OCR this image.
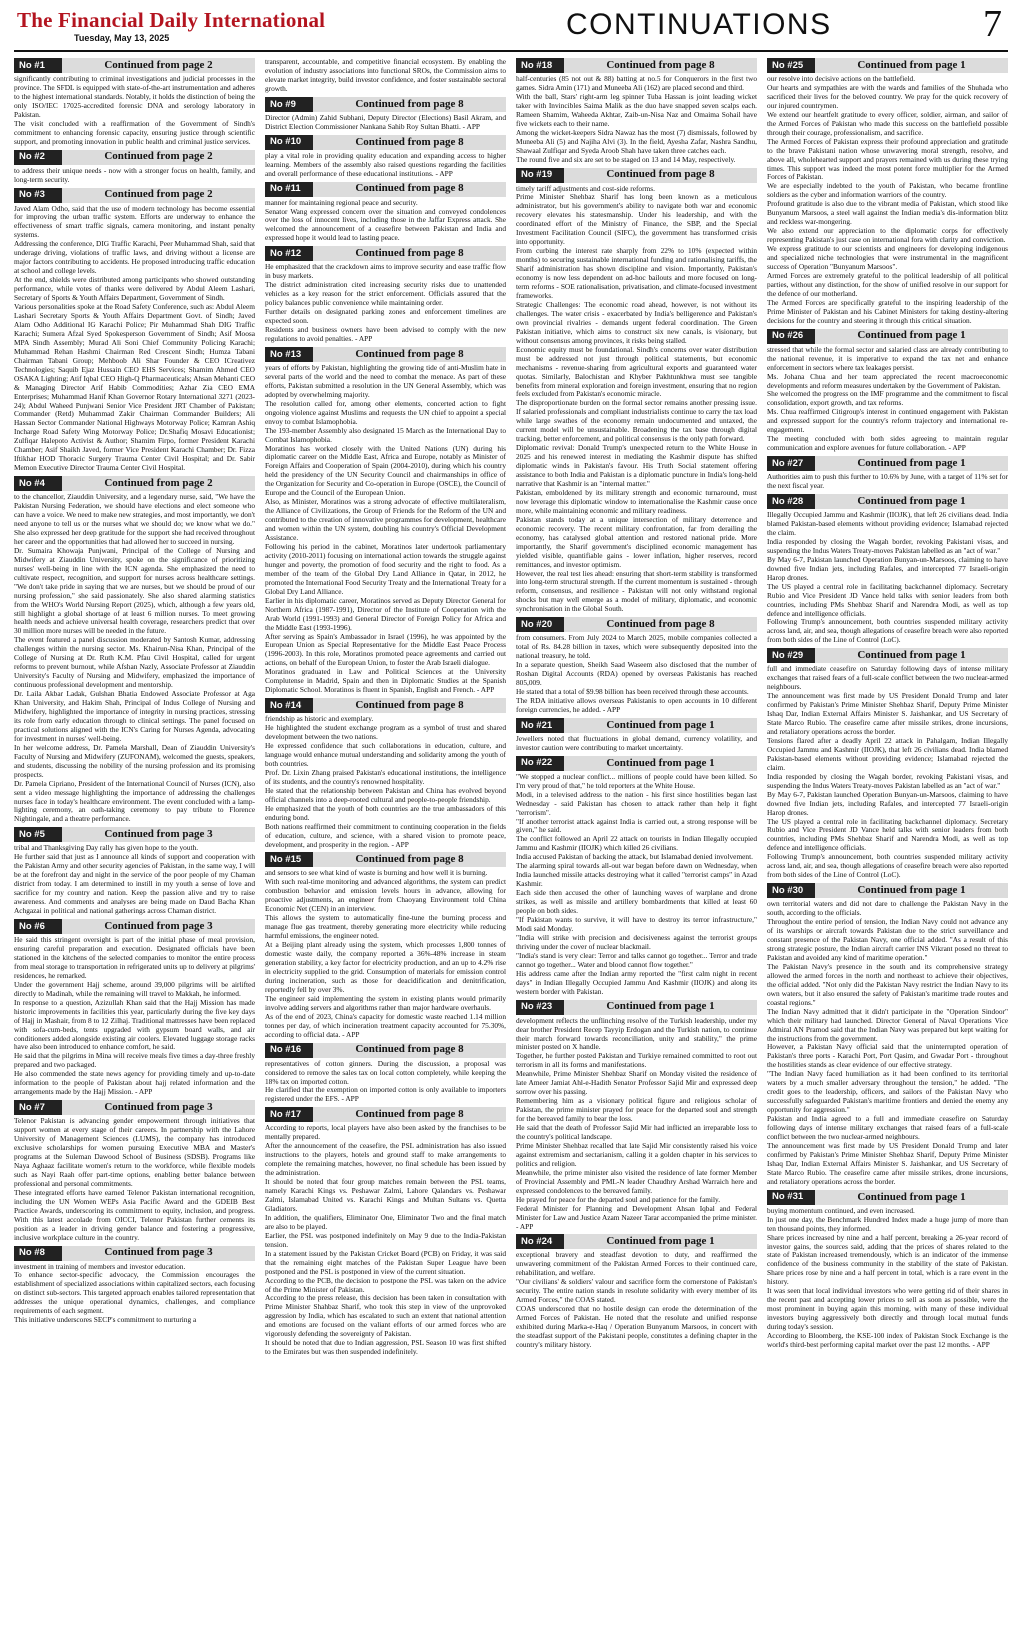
The Financial Daily International
Tuesday, May 13, 2025	CONTINUATIONS	7
No #1	Continued from page 2

significantly contributing to criminal investigations and judicial processes in the province. The SFDL is equipped with state-of-the-art instrumentation and adheres to the highest international standards. Notably, it holds the distinction of being the only ISO/IEC 17025-accredited forensic DNA and serology laboratory in Pakistan.
The visit concluded with a reaffirmation of the Government of Sindh's commitment to enhancing forensic capacity, ensuring justice through scientific support, and promoting innovation in public health and criminal justice services.

No #2	Continued from page 2

to address their unique needs - now with a stronger focus on health, family, and long-term security.

No #3	Continued from page 2

Javed Alam Odho, said that the use of modern technology has become essential for improving the urban traffic system. Efforts are underway to enhance the effectiveness of smart traffic signals, camera monitoring, and instant penalty systems.
Addressing the conference, DIG Traffic Karachi, Peer Muhammad Shah, said that underage driving, violations of traffic laws, and driving without a license are major factors contributing to accidents. He proposed introducing traffic education at school and college levels.
At the end, shields were distributed among participants who showed outstanding performance, while votes of thanks were delivered by Abdul Aleem Lashari, Secretary of Sports & Youth Affairs Department, Government of Sindh.
Various personalities spoke at the Road Safety Conference, such as: Abdul Aleem Lashari Secretary Sports & Youth Affairs Department Govt. of Sindh; Javed Alam Odho Additional IG Karachi Police; Pir Muhammad Shah DIG Traffic Karachi; Sumera Afzal Syed Spokesperson Government of Sindh; Asif Moosa MPA Sindh Assembly; Murad Ali Soni Chief Community Policing Karachi; Muhammad Rehan Hashmi Chairman Red Crescent Sindh; Humza Tabani Chairman Tabani Group; Mehboob Ali Shar Founder & CEO ICreativez Technologies; Saquib Ejaz Hussain CEO EHS Services; Shamim Ahmed CEO OSAKA Lighting; Atif Iqbal CEO High-Q Pharmaceuticals; Ahsan Mehanti CEO & Managing Director Arif Habib Commodities; Azhar Zia CEO EMA Enterprises; Muhammad Hanif Khan Governor Rotary International 3271 (2023-24); Abdul Waheed Punjwani Senior Vice President JRT Chamber of Pakistan; Commander (Retd) Muhammad Zakir Chairman Commander Builders; Ali Hassan Sector Commander National Highways Motorway Police; Kamran Ashiq Incharge Road Safety Wing Motorway Police; Dr.Shafiq Mosavi Educationist; Zulfiqar Halepoto Activist & Author; Shamim Firpo, former President Karachi Chamber; Asif Shaikh Javed, former Vice President Karachi Chamber; Dr. Fizza Iftikhar HOD Thoracic Surgery Trauma Center Civil Hospital; and Dr. Sabir Memon Executive Director Trauma Center Civil Hospital.

No #4	Continued from page 2

to the chancellor, Ziauddin University, and a legendary nurse, said, "We have the Pakistan Nursing Federation, we should have elections and elect someone who can have a voice. We need to make new strategies, and most importantly, we don't need anyone to tell us or the nurses what we should do; we know what we do." She also expressed her deep gratitude for the support she had received throughout her career and the opportunities that had allowed her to succeed in nursing.
Dr. Sumaira Khowaja Punjwani, Principal of the College of Nursing and Midwifery at Ziauddin University, spoke on the significance of prioritizing nurses' well-being in line with the ICN agenda. She emphasized the need to cultivate respect, recognition, and support for nurses across healthcare settings. "We don't take pride in saying that we are nurses, but we should be proud of our nursing profession," she said passionately. She also shared alarming statistics from the WHO's World Nursing Report (2025), which, although a few years old, still highlight a global shortage of at least 6 million nurses. To meet growing health needs and achieve universal health coverage, researchers predict that over 30 million more nurses will be needed in the future.
The event featured a panel discussion moderated by Santosh Kumar, addressing challenges within the nursing sector. Ms. Khairun-Nisa Khan, Principal of the College of Nursing at Dr. Ruth K.M. Pfau Civil Hospital, called for urgent reforms to prevent burnout, while Afshan Nazly, Associate Professor at Ziauddin University's Faculty of Nursing and Midwifery, emphasized the importance of continuous professional development and mentorship.
Dr. Laila Akbar Ladak, Gulshan Bhatia Endowed Associate Professor at Aga Khan University, and Hakim Shah, Principal of Indus College of Nursing and Midwifery, highlighted the importance of integrity in nursing practices, stressing its role from early education through to clinical settings. The panel focused on practical solutions aligned with the ICN's Caring for Nurses Agenda, advocating for investment in nurses' well-being.
In her welcome address, Dr. Pamela Marshall, Dean of Ziauddin University's Faculty of Nursing and Midwifery (ZUFONAM), welcomed the guests, speakers, and students, discussing the nobility of the nursing profession and its promising prospects.
Dr. Pamela Cipriano, President of the International Council of Nurses (ICN), also sent a video message highlighting the importance of addressing the challenges nurses face in today's healthcare environment. The event concluded with a lamp-lighting ceremony, an oath-taking ceremony to pay tribute to Florence Nightingale, and a theatre performance.

No #5	Continued from page 3

tribal and Thanksgiving Day rally has given hope to the youth.
He further said that just as I announce all kinds of support and cooperation with the Pakistan Army and other security agencies of Pakistan, in the same way, I will be at the forefront day and night in the service of the poor people of my Chaman district from today. I am determined to instill in my youth a sense of love and sacrifice for my country and nation. Keep the passion alive and try to raise awareness. And comments and analyses are being made on Daud Bacha Khan Achgazai in political and national gatherings across Chaman district.

No #6	Continued from page 3

He said this stringent oversight is part of the initial phase of meal provision, ensuring careful preparation and execution. Designated officials have been stationed in the kitchens of the selected companies to monitor the entire process from meal storage to transportation in refrigerated units up to delivery at pilgrims' residences, he remarked.
Under the government Hajj scheme, around 39,000 pilgrims will be airlifted directly to Madinah, while the remaining will travel to Makkah, he informed.
In response to a question, Azizullah Khan said that the Hajj Mission has made historic improvements in facilities this year, particularly during the five key days of Hajj in Mashair, from 8 to 12 Zilhaj. Traditional mattresses have been replaced with sofa-cum-beds, tents upgraded with gypsum board walls, and air conditioners added alongside existing air coolers. Elevated luggage storage racks have also been introduced to enhance comfort, he said.
He said that the pilgrims in Mina will receive meals five times a day-three freshly prepared and two packaged.
He also commended the state news agency for providing timely and up-to-date information to the people of Pakistan about hajj related information and the arrangements made by the Hajj Mission. - APP

No #7	Continued from page 3

Telenor Pakistan is advancing gender empowerment through initiatives that support women at every stage of their careers. In partnership with the Lahore University of Management Sciences (LUMS), the company has introduced exclusive scholarships for women pursuing Executive MBA and Master's programs at the Suleman Dawood School of Business (SDSB). Programs like Naya Aghaaz facilitate women's return to the workforce, while flexible models such as Nayi Raah offer part-time options, enabling better balance between professional and personal commitments.
These integrated efforts have earned Telenor Pakistan international recognition, including the UN Women WEPs Asia Pacific Award and the GDEIB Best Practice Awards, underscoring its commitment to equity, inclusion, and progress. With this latest accolade from OICCI, Telenor Pakistan further cements its position as a leader in driving gender balance and fostering a progressive, inclusive workplace culture in the country.

No #8	Continued from page 3

investment in training of members and investor education.
To enhance sector-specific advocacy, the Commission encourages the establishment of specialized associations within capitalized sectors, each focusing on distinct sub-sectors. This targeted approach enables tailored representation that addresses the unique operational dynamics, challenges, and compliance requirements of each segment.
This initiative underscores SECP's commitment to nurturing a

transparent, accountable, and competitive financial ecosystem. By enabling the evolution of industry associations into functional SROs, the Commission aims to elevate market integrity, build investor confidence, and foster sustainable sectoral growth.

No #9	Continued from page 8

Director (Admin) Zahid Subhani, Deputy Director (Elections) Basil Akram, and District Election Commissioner Nankana Sahib Roy Sultan Bhatti. - APP

No #10	Continued from page 8

play a vital role in providing quality education and expanding access to higher learning. Members of the assembly also raised questions regarding the facilities and overall performance of these educational institutions. - APP

No #11	Continued from page 8

manner for maintaining regional peace and security.
Senator Wang expressed concern over the situation and conveyed condolences over the loss of innocent lives, including those in the Jaffar Express attack. She welcomed the announcement of a ceasefire between Pakistan and India and expressed hope it would lead to lasting peace.

No #12	Continued from page 8

He emphasized that the crackdown aims to improve security and ease traffic flow in busy markets.
The district administration cited increasing security risks due to unattended vehicles as a key reason for the strict enforcement. Officials assured that the policy balances public convenience while maintaining order.
Further details on designated parking zones and enforcement timelines are expected soon.
Residents and business owners have been advised to comply with the new regulations to avoid penalties. - APP

No #13	Continued from page 8

years of efforts by Pakistan, highlighting the growing tide of anti-Muslim hate in several parts of the world and the need to combat the menace. As part of these efforts, Pakistan submitted a resolution in the UN General Assembly, which was adopted by overwhelming majority.
The resolution called for, among other elements, concerted action to fight ongoing violence against Muslims and requests the UN chief to appoint a special envoy to combat Islamophobia.
The 193-member Assembly also designated 15 March as the International Day to Combat Islamophobia.
Moratinos has worked closely with the United Nations (UN) during his diplomatic career on the Middle East, Africa and Europe, notably as Minister of Foreign Affairs and Cooperation of Spain (2004-2010), during which his country held the presidency of the UN Security Council and chairmanships in office of the Organization for Security and Co-operation in Europe (OSCE), the Council of Europe and the Council of the European Union.
Also, as Minister, Moratinos was a strong advocate of effective multilateralism, the Alliance of Civilizations, the Group of Friends for the Reform of the UN and contributed to the creation of innovative programmes for development, healthcare and women within the UN system, doubling his country's Official Development Assistance.
Following his period in the cabinet, Moratinos later undertook parliamentary activity (2010-2011) focusing on international action towards the struggle against hunger and poverty, the promotion of food security and the right to food. As a member of the team of the Global Dry Land Alliance in Qatar, in 2012, he promoted the International Food Security Treaty and the International Treaty for a Global Dry Land Alliance.
Earlier in his diplomatic career, Moratinos served as Deputy Director General for Northern Africa (1987-1991), Director of the Institute of Cooperation with the Arab World (1991-1993) and General Director of Foreign Policy for Africa and the Middle East (1993-1996).
After serving as Spain's Ambassador in Israel (1996), he was appointed by the European Union as Special Representative for the Middle East Peace Process (1996-2003). In this role, Moratinos promoted peace agreements and carried out actions, on behalf of the European Union, to foster the Arab Israeli dialogue.
Moratinos graduated in Law and Political Sciences at the University Complutense in Madrid, Spain and then in Diplomatic Studies at the Spanish Diplomatic School. Moratinos is fluent in Spanish, English and French. - APP

No #14	Continued from page 8

friendship as historic and exemplary.
He highlighted the student exchange program as a symbol of trust and shared development between the two nations.
He expressed confidence that such collaborations in education, culture, and language would enhance mutual understanding and solidarity among the youth of both countries.
Prof. Dr. Lixin Zhang praised Pakistan's educational institutions, the intelligence of its students, and the country's renowned hospitality.
He stated that the relationship between Pakistan and China has evolved beyond official channels into a deep-rooted cultural and people-to-people friendship.
He emphasized that the youth of both countries are the true ambassadors of this enduring bond.
Both nations reaffirmed their commitment to continuing cooperation in the fields of education, culture, and science, with a shared vision to promote peace, development, and prosperity in the region. - APP

No #15	Continued from page 8

and sensors to see what kind of waste is burning and how well it is burning.
With such real-time monitoring and advanced algorithms, the system can predict combustion behavior and emission levels hours in advance, allowing for proactive adjustments, an engineer from Chaoyang Environment told China Economic Net (CEN) in an interview.
This allows the system to automatically fine-tune the burning process and manage flue gas treatment, thereby generating more electricity while reducing harmful emissions, the engineer noted.
At a Beijing plant already using the system, which processes 1,800 tonnes of domestic waste daily, the company reported a 36%-48% increase in steam generation stability, a key factor for electricity production, and an up to 4.2% rise in electricity supplied to the grid. Consumption of materials for emission control during incineration, such as those for deacidification and denitrification, reportedly fell by over 3%.
The engineer said implementing the system in existing plants would primarily involve adding servers and algorithms rather than major hardware overhauls.
As of the end of 2023, China's capacity for domestic waste reached 1.14 million tonnes per day, of which incineration treatment capacity accounted for 75.30%, according to official data. - APP

No #16	Continued from page 8

representatives of cotton ginners. During the discussion, a proposal was considered to remove the sales tax on local cotton completely, while keeping the 18% tax on imported cotton.
He clarified that the exemption on imported cotton is only available to importers registered under the EFS. - APP

No #17	Continued from page 8

According to reports, local players have also been asked by the franchises to be mentally prepared.
After the announcement of the ceasefire, the PSL administration has also issued instructions to the players, hotels and ground staff to make arrangements to complete the remaining matches, however, no final schedule has been issued by the administration.
It should be noted that four group matches remain between the PSL teams, namely Karachi Kings vs. Peshawar Zalmi, Lahore Qalandars vs. Peshawar Zalmi, Islamabad United vs. Karachi Kings and Multan Sultans vs. Quetta Gladiators.
In addition, the qualifiers, Eliminator One, Eliminator Two and the final match are also to be played.
Earlier, the PSL was postponed indefinitely on May 9 due to the India-Pakistan tension.
In a statement issued by the Pakistan Cricket Board (PCB) on Friday, it was said that the remaining eight matches of the Pakistan Super League have been postponed and the PSL is postponed in view of the current situation.
According to the PCB, the decision to postpone the PSL was taken on the advice of the Prime Minister of Pakistan.
According to the press release, this decision has been taken in consultation with Prime Minister Shahbaz Sharif, who took this step in view of the unprovoked aggression by India, which has escalated to such an extent that national attention and emotions are focused on the valiant efforts of our armed forces who are vigorously defending the sovereignty of Pakistan.
It should be noted that due to Indian aggression, PSL Season 10 was first shifted to the Emirates but was then suspended indefinitely.

No #18	Continued from page 8

half-centuries (85 not out & 88) batting at no.5 for Conquerors in the first two games. Sidra Amin (171) and Muneeba Ali (162) are placed second and third.
With the ball, Stars' right-arm leg spinner Tuba Hassan is joint leading wicket taker with Invincibles Saima Malik as the duo have snapped seven scalps each. Rameen Shamim, Waheeda Akhtar, Zaib-un-Nisa Naz and Omaima Sohail have five wickets each to their name.
Among the wicket-keepers Sidra Nawaz has the most (7) dismissals, followed by Muneeba Ali (5) and Najiha Alvi (3). In the field, Ayesha Zafar, Nashra Sandhu, Shawaal Zulfiqar and Syeda Aroob Shah have taken three catches each.
The round five and six are set to be staged on 13 and 14 May, respectively.

No #19	Continued from page 8

timely tariff adjustments and cost-side reforms.
Prime Minister Shehbaz Sharif has long been known as a meticulous administrator, but his government's ability to navigate both war and economic recovery elevates his statesmanship. Under his leadership, and with the coordinated effort of the Ministry of Finance, the SBP, and the Special Investment Facilitation Council (SIFC), the government has transformed crisis into opportunity.
From curbing the interest rate sharply from 22% to 10% (expected within months) to securing sustainable international funding and rationalising tariffs, the Sharif administration has shown discipline and vision. Importantly, Pakistan's economy is now less dependent on ad-hoc bailouts and more focused on long-term reforms - SOE rationalisation, privatisation, and climate-focused investment frameworks.
Strategic Challenges: The economic road ahead, however, is not without its challenges. The water crisis - exacerbated by India's belligerence and Pakistan's own provincial rivalries - demands urgent federal coordination. The Green Pakistan initiative, which aims to construct six new canals, is visionary, but without consensus among provinces, it risks being stalled.
Economic equity must be foundational. Sindh's concerns over water distribution must be addressed not just through political statements, but economic mechanisms - revenue-sharing from agricultural exports and guaranteed water quotas. Similarly, Balochistan and Khyber Pakhtunkhwa must see tangible benefits from mineral exploration and foreign investment, ensuring that no region feels excluded from Pakistan's economic miracle.
The disproportionate burden on the formal sector remains another pressing issue. If salaried professionals and compliant industrialists continue to carry the tax load while large swathes of the economy remain undocumented and untaxed, the current model will be unsustainable. Broadening the tax base through digital tracking, better enforcement, and political consensus is the only path forward.
Diplomatic revival: Donald Trump's unexpected return to the White House in 2025 and his renewed interest in mediating the Kashmir dispute has shifted diplomatic winds in Pakistan's favour. His Truth Social statement offering assistance to both India and Pakistan is a diplomatic puncture in India's long-held narrative that Kashmir is an "internal matter."
Pakistan, emboldened by its military strength and economic turnaround, must now leverage this diplomatic window to internationalise the Kashmir cause once more, while maintaining economic and military readiness.
Pakistan stands today at a unique intersection of military deterrence and economic recovery. The recent military confrontation, far from derailing the economy, has catalysed global attention and restored national pride. More importantly, the Sharif government's disciplined economic management has yielded visible, quantifiable gains - lower inflation, higher reserves, record remittances, and investor optimism.
However, the real test lies ahead: ensuring that short-term stability is transformed into long-term structural strength. If the current momentum is sustained - through reform, consensus, and resilience - Pakistan will not only withstand regional shocks but may well emerge as a model of military, diplomatic, and economic synchronisation in the Global South.

No #20	Continued from page 8

from consumers. From July 2024 to March 2025, mobile companies collected a total of Rs. 84.28 billion in taxes, which were subsequently deposited into the national treasury, he told.
In a separate question, Sheikh Saad Waseem also disclosed that the number of Roshan Digital Accounts (RDA) opened by overseas Pakistanis has reached 805,009.
He stated that a total of $9.98 billion has been received through these accounts.
The RDA initiative allows overseas Pakistanis to open accounts in 10 different foreign currencies, he added. - APP

No #21	Continued from page 1

Jewellers noted that fluctuations in global demand, currency volatility, and investor caution were contributing to market uncertainty.

No #22	Continued from page 1

"We stopped a nuclear conflict... millions of people could have been killed. So I'm very proud of that," he told reporters at the White House.
Modi, in a televised address to the nation - his first since hostilities began last Wednesday - said Pakistan has chosen to attack rather than help it fight "terrorism".
"If another terrorist attack against India is carried out, a strong response will be given," he said.
The conflict followed an April 22 attack on tourists in Indian Illegally occupied Jammu and Kashmir (IIOJK) which killed 26 civilians.
India accused Pakistan of backing the attack, but Islamabad denied involvement.
The alarming spiral towards all-out war began before dawn on Wednesday, when India launched missile attacks destroying what it called "terrorist camps" in Azad Kashmir.
Each side then accused the other of launching waves of warplane and drone strikes, as well as missile and artillery bombardments that killed at least 60 people on both sides.
"If Pakistan wants to survive, it will have to destroy its terror infrastructure," Modi said Monday.
"India will strike with precision and decisiveness against the terrorist groups thriving under the cover of nuclear blackmail.
"India's stand is very clear: Terror and talks cannot go together... Terror and trade cannot go together... Water and blood cannot flow together."
His address came after the Indian army reported the "first calm night in recent days" in Indian Illegally Occupied Jammu And Kashmir (IIOJK) and along its western border with Pakistan.

No #23	Continued from page 1

development reflects the unflinching resolve of the Turkish leadership, under my dear brother President Recep Tayyip Erdogan and the Turkish nation, to continue their march forward towards reconciliation, unity and stability," the prime minister posted on X handle.
Together, he further posted Pakistan and Turkiye remained committed to root out terrorism in all its forms and manifestations.
Meanwhile, Prime Minister Shehbaz Sharif on Monday visited the residence of late Ameer Jamiat Ahl-e-Hadith Senator Professor Sajid Mir and expressed deep sorrow over his passing.
Remembering him as a visionary political figure and religious scholar of Pakistan, the prime minister prayed for peace for the departed soul and strength for the bereaved family to bear the loss.
He said that the death of Professor Sajid Mir had inflicted an irreparable loss to the country's political landscape.
Prime Minister Shehbaz recalled that late Sajid Mir consistently raised his voice against extremism and sectarianism, calling it a golden chapter in his services to politics and religion.
Meanwhile, the prime minister also visited the residence of late former Member of Provincial Assembly and PML-N leader Chaudhry Arshad Warraich here and expressed condolences to the bereaved family.
He prayed for peace for the departed soul and patience for the family.
Federal Minister for Planning and Development Ahsan Iqbal and Federal Minister for Law and Justice Azam Nazeer Tarar accompanied the prime minister. - APP

No #24	Continued from page 1

exceptional bravery and steadfast devotion to duty, and reaffirmed the unwavering commitment of the Pakistan Armed Forces to their continued care, rehabilitation, and welfare.
"Our civilians' & soldiers' valour and sacrifice form the cornerstone of Pakistan's security. The entire nation stands in resolute solidarity with every member of its Armed Forces," the COAS stated.
COAS underscored that no hostile design can erode the determination of the Armed Forces of Pakistan. He noted that the resolute and unified response exhibited during Marka-e-Haq / Operation Bunyanum Marsoos, in concert with the steadfast support of the Pakistani people, constitutes a defining chapter in the country's military history.

No #25	Continued from page 1

our resolve into decisive actions on the battlefield.
Our hearts and sympathies are with the wards and families of the Shuhada who sacrificed their lives for the beloved country. We pray for the quick recovery of our injured countrymen.
We extend our heartfelt gratitude to every officer, soldier, airman, and sailor of the Armed Forces of Pakistan who made this success on the battlefield possible through their courage, professionalism, and sacrifice.
The Armed Forces of Pakistan express their profound appreciation and gratitude to the brave Pakistani nation whose unwavering moral strength, resolve, and above all, wholehearted support and prayers remained with us during these trying times. This support was indeed the most potent force multiplier for the Armed Forces of Pakistan.
We are especially indebted to the youth of Pakistan, who became frontline soldiers as the cyber and information warriors of the country.
Profound gratitude is also due to the vibrant media of Pakistan, which stood like Bunyanum Marsoos, a steel wall against the Indian media's dis-information blitz and reckless war-mongering.
We also extend our appreciation to the diplomatic corps for effectively representing Pakistan's just case on international fora with clarity and conviction.
We express gratitude to our scientists and engineers for developing indigenous and specialized niche technologies that were instrumental in the magnificent success of Operation "Bunyanum Marsoos".
Armed Forces are extremely grateful to the political leadership of all political parties, without any distinction, for the show of unified resolve in our support for the defence of our motherland.
The Armed Forces are specifically grateful to the inspiring leadership of the Prime Minister of Pakistan and his Cabinet Ministers for taking destiny-altering decisions for the country and steering it through this critical situation.

No #26	Continued from page 1

stressed that while the formal sector and salaried class are already contributing to the national revenue, it is imperative to expand the tax net and enhance enforcement in sectors where tax leakages persist.
Ms. Johana Chua and her team appreciated the recent macroeconomic developments and reform measures undertaken by the Government of Pakistan.
She welcomed the progress on the IMF programme and the commitment to fiscal consolidation, export growth, and tax reforms.
Ms. Chua reaffirmed Citigroup's interest in continued engagement with Pakistan and expressed support for the country's reform trajectory and international re-engagement.
The meeting concluded with both sides agreeing to maintain regular communication and explore avenues for future collaboration. - APP

No #27	Continued from page 1

Authorities aim to push this further to 10.6% by June, with a target of 11% set for the next fiscal year.

No #28	Continued from page 1

Illegally Occupied Jammu and Kashmir (IIOJK), that left 26 civilians dead. India blamed Pakistan-based elements without providing evidence; Islamabad rejected the claim.
India responded by closing the Wagah border, revoking Pakistani visas, and suspending the Indus Waters Treaty-moves Pakistan labelled as an "act of war."
By May 6-7, Pakistan launched Operation Bunyan-un-Marsoos, claiming to have downed five Indian jets, including Rafales, and intercepted 77 Israeli-origin Harop drones.
The US played a central role in facilitating backchannel diplomacy. Secretary Rubio and Vice President JD Vance held talks with senior leaders from both countries, including PMs Shehbaz Sharif and Narendra Modi, as well as top defence and intelligence officials.
Following Trump's announcement, both countries suspended military activity across land, air, and sea, though allegations of ceasefire breach were also reported from both sides of the Line of Control (LoC).

No #29	Continued from page 1

full and immediate ceasefire on Saturday following days of intense military exchanges that raised fears of a full-scale conflict between the two nuclear-armed neighbours.
The announcement was first made by US President Donald Trump and later confirmed by Pakistan's Prime Minister Shehbaz Sharif, Deputy Prime Minister Ishaq Dar, Indian External Affairs Minister S. Jaishankar, and US Secretary of State Marco Rubio. The ceasefire came after missile strikes, drone incursions, and retaliatory operations across the border.
Tensions flared after a deadly April 22 attack in Pahalgam, Indian Illegally Occupied Jammu and Kashmir (IIOJK), that left 26 civilians dead. India blamed Pakistan-based elements without providing evidence; Islamabad rejected the claim.
India responded by closing the Wagah border, revoking Pakistani visas, and suspending the Indus Waters Treaty-moves Pakistan labelled as an "act of war."
By May 6-7, Pakistan launched Operation Bunyan-un-Marsoos, claiming to have downed five Indian jets, including Rafales, and intercepted 77 Israeli-origin Harop drones.
The US played a central role in facilitating backchannel diplomacy. Secretary Rubio and Vice President JD Vance held talks with senior leaders from both countries, including PMs Shehbaz Sharif and Narendra Modi, as well as top defence and intelligence officials.
Following Trump's announcement, both countries suspended military activity across land, air, and sea, though allegations of ceasefire breach were also reported from both sides of the Line of Control (LoC).

No #30	Continued from page 1

own territorial waters and did not dare to challenge the Pakistan Navy in the south, according to the officials.
Throughout the entire period of tension, the Indian Navy could not advance any of its warships or aircraft towards Pakistan due to the strict surveillance and constant presence of the Pakistan Navy, one official added. "As a result of this strong strategic posture, the Indian aircraft carrier INS Vikrant posed no threat to Pakistan and avoided any kind of maritime operation."
The Pakistan Navy's presence in the south and its comprehensive strategy allowed the armed forces in the north and northeast to achieve their objectives, the official added. "Not only did the Pakistan Navy restrict the Indian Navy to its own waters, but it also ensured the safety of Pakistan's maritime trade routes and coastal regions."
The Indian Navy admitted that it didn't participate in the "Operation Sindoor" which their military had launched. Director General of Naval Operations Vice Admiral AN Pramod said that the Indian Navy was prepared but kept waiting for the instructions from the government.
However, a Pakistan Navy official said that the uninterrupted operation of Pakistan's three ports - Karachi Port, Port Qasim, and Gwadar Port - throughout the hostilities stands as clear evidence of our effective strategy.
"The Indian Navy faced humiliation as it had been confined to its territorial waters by a much smaller adversary throughout the tension," he added. "The credit goes to the leadership, officers, and sailors of the Pakistan Navy who successfully safeguarded Pakistan's maritime frontiers and denied the enemy any opportunity for aggression."
Pakistan and India agreed to a full and immediate ceasefire on Saturday following days of intense military exchanges that raised fears of a full-scale conflict between the two nuclear-armed neighbours.
The announcement was first made by US President Donald Trump and later confirmed by Pakistan's Prime Minister Shehbaz Sharif, Deputy Prime Minister Ishaq Dar, Indian External Affairs Minister S. Jaishankar, and US Secretary of State Marco Rubio. The ceasefire came after missile strikes, drone incursions, and retaliatory operations across the border.

No #31	Continued from page 1

buying momentum continued, and even increased.
In just one day, the Benchmark Hundred Index made a huge jump of more than ten thousand points, they informed.
Share prices increased by nine and a half percent, breaking a 26-year record of investor gains, the sources said, adding that the prices of shares related to the state of Pakistan increased tremendously, which is an indicator of the immense confidence of the business community in the stability of the state of Pakistan. Share prices rose by nine and a half percent in total, which is a rare event in the history.
It was seen that local individual investors who were getting rid of their shares in the recent past and accepting lower prices to sell as soon as possible, were the most prominent in buying again this morning, with many of these individual investors buying aggressively both directly and through local mutual funds during today's session.
According to Bloomberg, the KSE-100 index of Pakistan Stock Exchange is the world's third-best performing capital market over the past 12 months. - APP
